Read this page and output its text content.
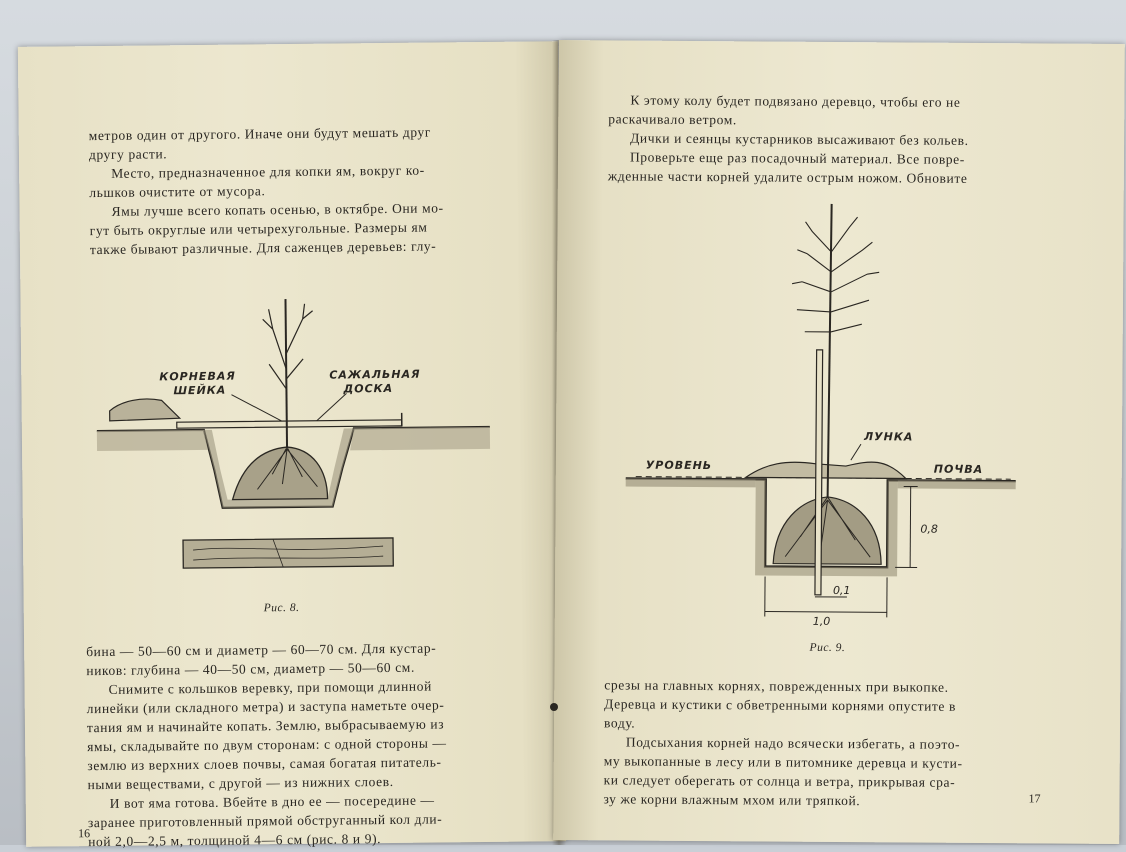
метров один от другого. Иначе они будут мешать друг

другу расти.

Место, предназначенное для копки ям, вокруг ко-

льшков очистите от мусора.

Ямы лучше всего копать осенью, в октябре. Они мо-

гут быть округлые или четырехугольные. Размеры ям

также бывают различные. Для саженцев деревьев: глу-

КОРНЕВАЯ
ШЕЙКА
САЖАЛЬНАЯ
ДОСКА
Рис. 8.

бина — 50—60 см и диаметр — 60—70 см. Для кустар-

ников: глубина — 40—50 см, диаметр — 50—60 см.

Снимите с кольшков веревку, при помощи длинной

линейки (или складного метра) и заступа наметьте очер-

тания ям и начинайте копать. Землю, выбрасываемую из

ямы, складывайте по двум сторонам: с одной стороны —

землю из верхних слоев почвы, самая богатая питатель-

ными веществами, с другой — из нижних слоев.

И вот яма готова. Вбейте в дно ее — посередине —

заранее приготовленный прямой обструганный кол дли-

ной 2,0—2,5 м, толщиной 4—6 см (рис. 8 и 9).

16

К этому колу будет подвязано деревцо, чтобы его не

раскачивало ветром.

Дички и сеянцы кустарников высаживают без кольев.

Проверьте еще раз посадочный материал. Все повре-

жденные части корней удалите острым ножом. Обновите

0,8
0,1
1,0
УРОВЕНЬ
ЛУНКА
ПОЧВА
Рис. 9.

срезы на главных корнях, поврежденных при выкопке.

Деревца и кустики с обветренными корнями опустите в

воду.

Подсыхания корней надо всячески избегать, а поэто-

му выкопанные в лесу или в питомнике деревца и кусти-

ки следует оберегать от солнца и ветра, прикрывая сра-

зу же корни влажным мхом или тряпкой.	17
